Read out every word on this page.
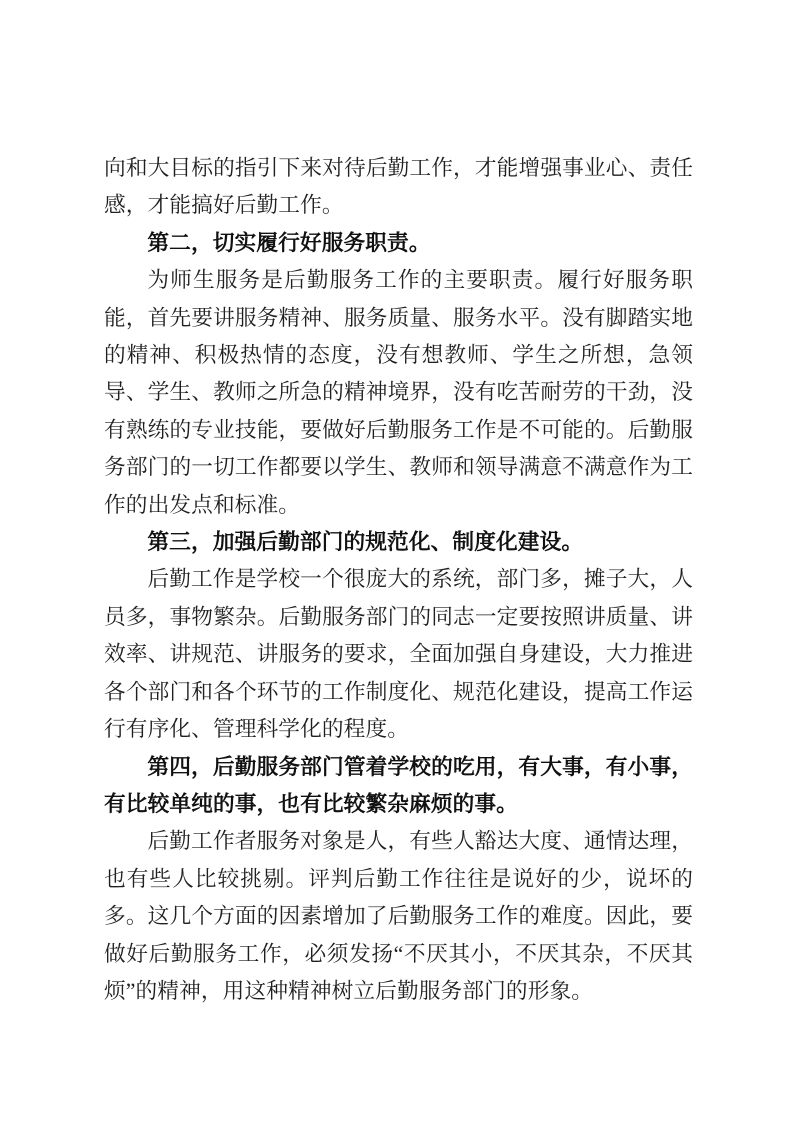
向和大目标的指引下来对待后勤工作，才能增强事业心、责任感，才能搞好后勤工作。

第二，切实履行好服务职责。

为师生服务是后勤服务工作的主要职责。履行好服务职能，首先要讲服务精神、服务质量、服务水平。没有脚踏实地的精神、积极热情的态度，没有想教师、学生之所想，急领导、学生、教师之所急的精神境界，没有吃苦耐劳的干劲，没有熟练的专业技能，要做好后勤服务工作是不可能的。后勤服务部门的一切工作都要以学生、教师和领导满意不满意作为工作的出发点和标准。

第三，加强后勤部门的规范化、制度化建设。

后勤工作是学校一个很庞大的系统，部门多，摊子大，人员多，事物繁杂。后勤服务部门的同志一定要按照讲质量、讲效率、讲规范、讲服务的要求，全面加强自身建设，大力推进各个部门和各个环节的工作制度化、规范化建设，提高工作运行有序化、管理科学化的程度。

第四，后勤服务部门管着学校的吃用，有大事，有小事，有比较单纯的事，也有比较繁杂麻烦的事。

后勤工作者服务对象是人，有些人豁达大度、通情达理，也有些人比较挑剔。评判后勤工作往往是说好的少，说坏的多。这几个方面的因素增加了后勤服务工作的难度。因此，要做好后勤服务工作，必须发扬“不厌其小，不厌其杂，不厌其烦”的精神，用这种精神树立后勤服务部门的形象。
